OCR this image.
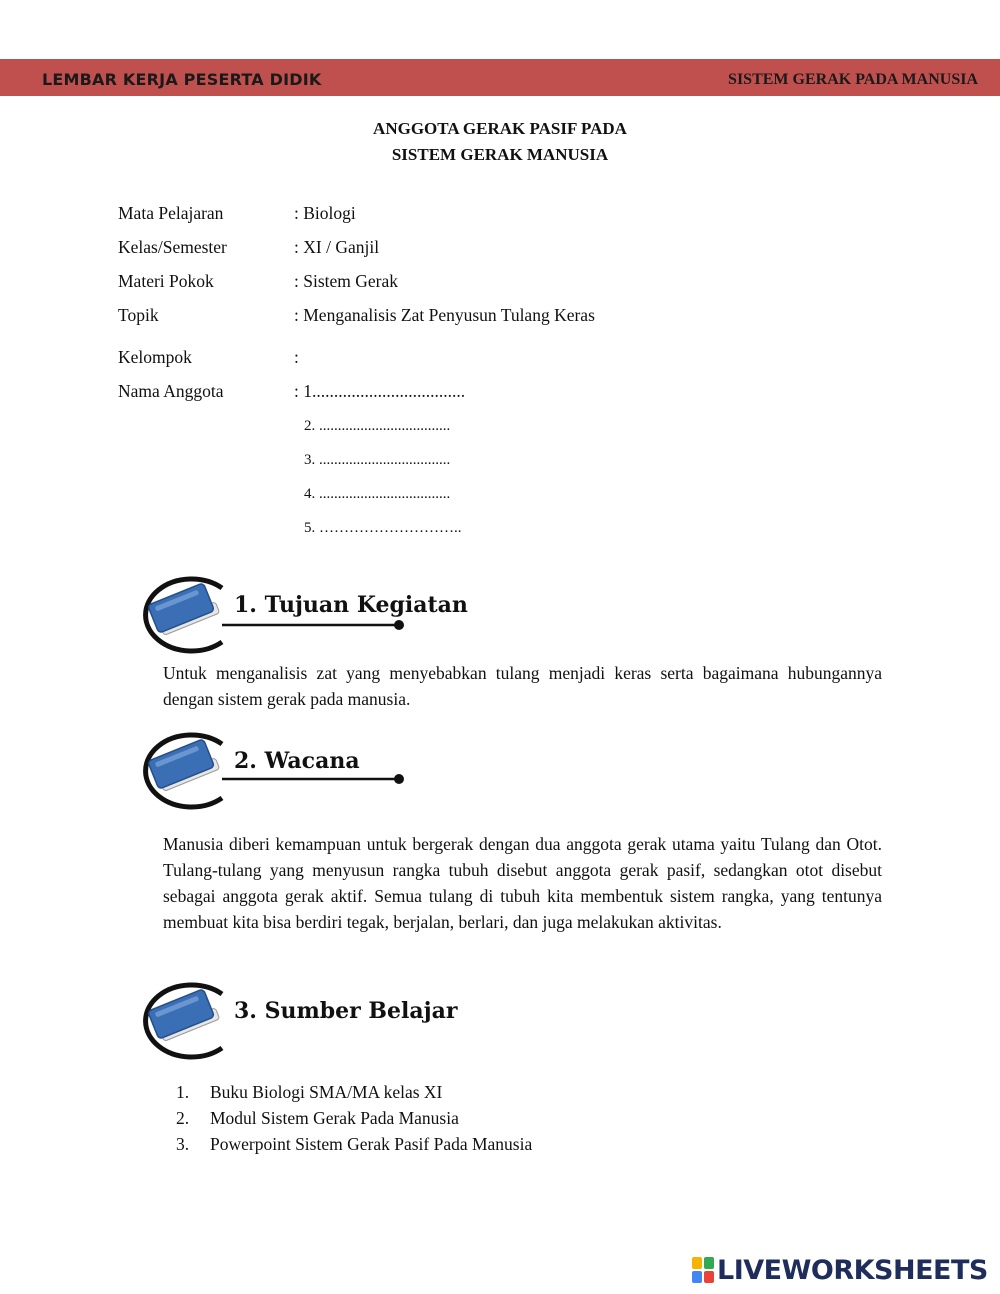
LEMBAR KERJA PESERTA DIDIK	SISTEM GERAK PADA MANUSIA
ANGGOTA GERAK PASIF PADA
SISTEM GERAK MANUSIA
Mata Pelajaran	: Biologi
Kelas/Semester	: XI / Ganjil
Materi Pokok	: Sistem Gerak
Topik	: Menganalisis Zat Penyusun Tulang Keras
Kelompok	:
Nama Anggota	: 1...................................
2. ...................................
3. ...................................
4. ...................................
5. ………………………..
1. Tujuan Kegiatan

Untuk menganalisis zat yang menyebabkan tulang menjadi keras serta bagaimana hubungannya dengan sistem gerak pada manusia.

2. Wacana

Manusia diberi kemampuan untuk bergerak dengan dua anggota gerak utama yaitu Tulang dan Otot. Tulang-tulang yang menyusun rangka tubuh disebut anggota gerak pasif, sedangkan otot disebut sebagai anggota gerak aktif. Semua tulang di tubuh kita membentuk sistem rangka, yang tentunya membuat kita bisa berdiri tegak, berjalan, berlari, dan juga melakukan aktivitas.

3. Sumber Belajar
1. Buku Biologi SMA/MA kelas XI
2. Modul Sistem Gerak Pada Manusia
3. Powerpoint Sistem Gerak Pasif Pada Manusia
LIVEWORKSHEETS
